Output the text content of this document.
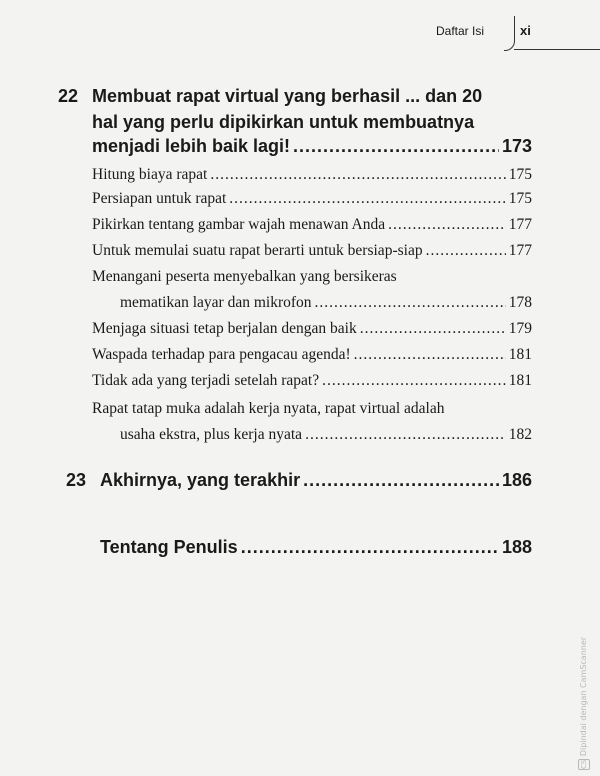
Daftar Isi	xi
22 Membuat rapat virtual yang berhasil ... dan 20
hal yang perlu dipikirkan untuk membuatnya
menjadi lebih baik lagi! .....	173
Hitung biaya rapat .....	175
Persiapan untuk rapat .....	175
Pikirkan tentang gambar wajah menawan Anda .....	177
Untuk memulai suatu rapat berarti untuk bersiap-siap .....	177
Menangani peserta menyebalkan yang bersikeras
mematikan layar dan mikrofon .....	178
Menjaga situasi tetap berjalan dengan baik .....	179
Waspada terhadap para pengacau agenda! .....	181
Tidak ada yang terjadi setelah rapat? .....	181
Rapat tatap muka adalah kerja nyata, rapat virtual adalah
usaha ekstra, plus kerja nyata .....	182
23 Akhirnya, yang terakhir .....	186
Tentang Penulis .....	188
CS Dipindai dengan CamScanner
